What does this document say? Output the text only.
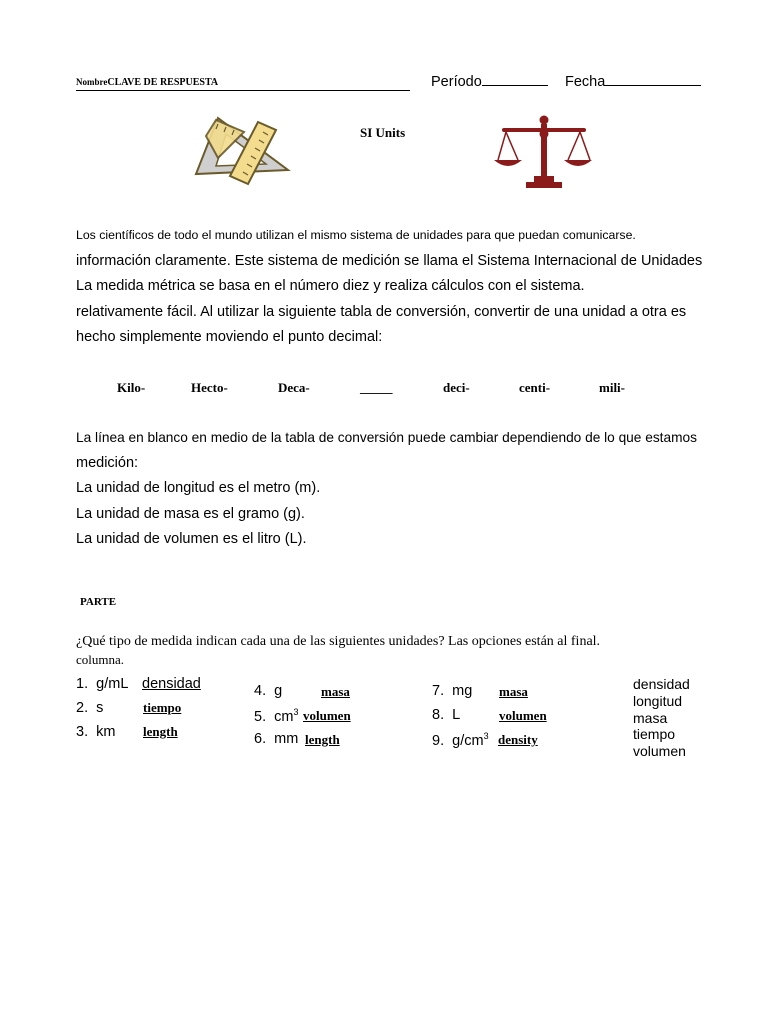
NombreCLAVE DE RESPUESTA	Período	Fecha
SI Units
Los científicos de todo el mundo utilizan el mismo sistema de unidades para que puedan comunicarse.
información claramente. Este sistema de medición se llama el Sistema Internacional de Unidades
La medida métrica se basa en el número diez y realiza cálculos con el sistema.
relativamente fácil. Al utilizar la siguiente tabla de conversión, convertir de una unidad a otra es
hecho simplemente moviendo el punto decimal:
Kilo-	Hecto-	Deca-	_____	deci-	centi-	mili-
La línea en blanco en medio de la tabla de conversión puede cambiar dependiendo de lo que estamos
medición:
La unidad de longitud es el metro (m).
La unidad de masa es el gramo (g).
La unidad de volumen es el litro (L).
PARTE
¿Qué tipo de medida indican cada una de las siguientes unidades? Las opciones están al final.
columna.
1. g/mL densidad
2. s	tiempo
3. km length
4. g	masa
5. $cm^3$ volumen
6. mm length
7. mg masa
8. L	volumen
9. $g/cm^3$ density
densidad
longitud
masa
tiempo
volumen
